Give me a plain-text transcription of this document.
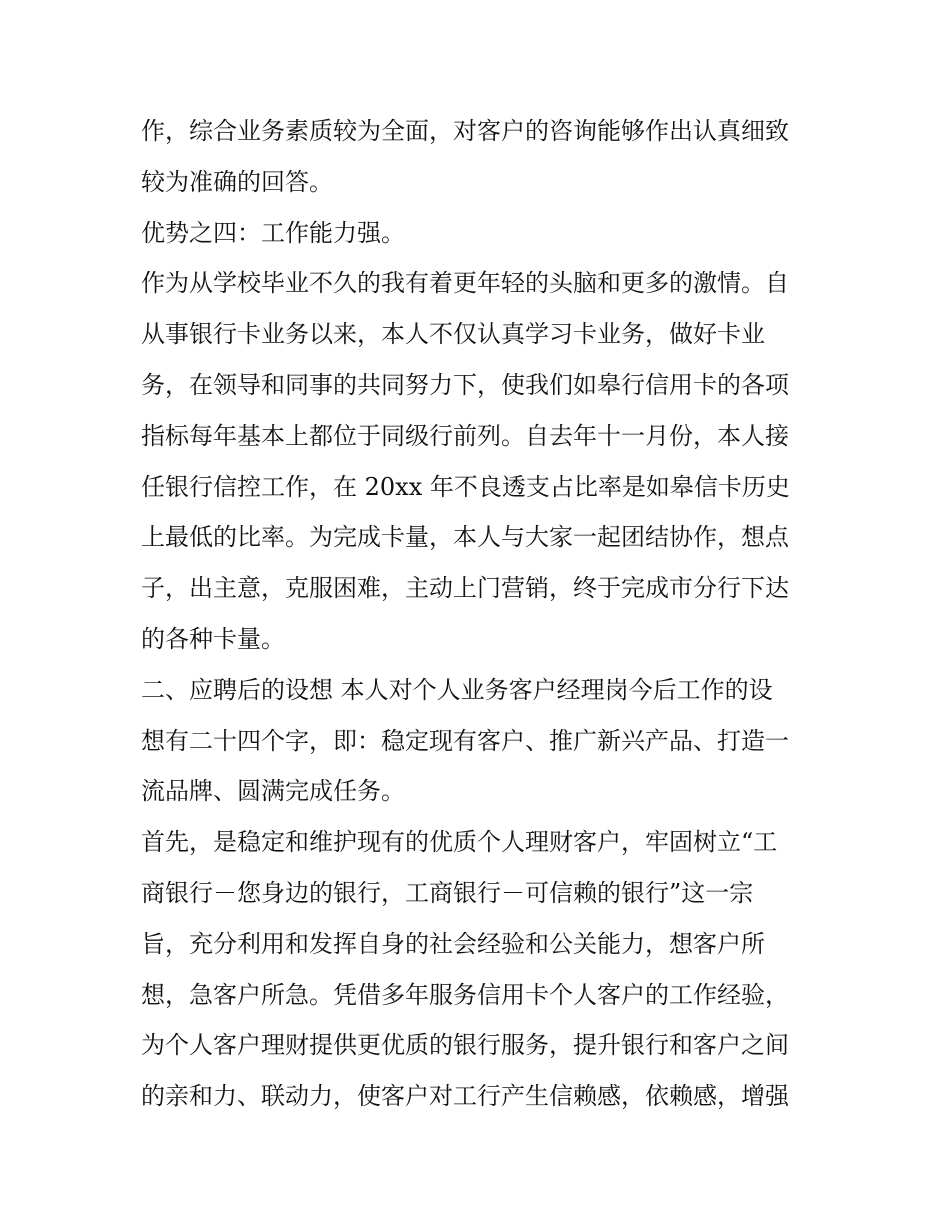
作，综合业务素质较为全面，对客户的咨询能够作出认真细致
较为准确的回答。
优势之四：工作能力强。
作为从学校毕业不久的我有着更年轻的头脑和更多的激情。自
从事银行卡业务以来，本人不仅认真学习卡业务，做好卡业
务，在领导和同事的共同努力下，使我们如皋行信用卡的各项
指标每年基本上都位于同级行前列。自去年十一月份，本人接
任银行信控工作，在 20xx 年不良透支占比率是如皋信卡历史
上最低的比率。为完成卡量，本人与大家一起团结协作，想点
子，出主意，克服困难，主动上门营销，终于完成市分行下达
的各种卡量。
二、应聘后的设想 本人对个人业务客户经理岗今后工作的设
想有二十四个字，即：稳定现有客户、推广新兴产品、打造一
流品牌、圆满完成任务。
首先，是稳定和维护现有的优质个人理财客户，牢固树立“工
商银行－您身边的银行，工商银行－可信赖的银行”这一宗
旨，充分利用和发挥自身的社会经验和公关能力，想客户所
想，急客户所急。凭借多年服务信用卡个人客户的工作经验，
为个人客户理财提供更优质的银行服务，提升银行和客户之间
的亲和力、联动力，使客户对工行产生信赖感，依赖感，增强
